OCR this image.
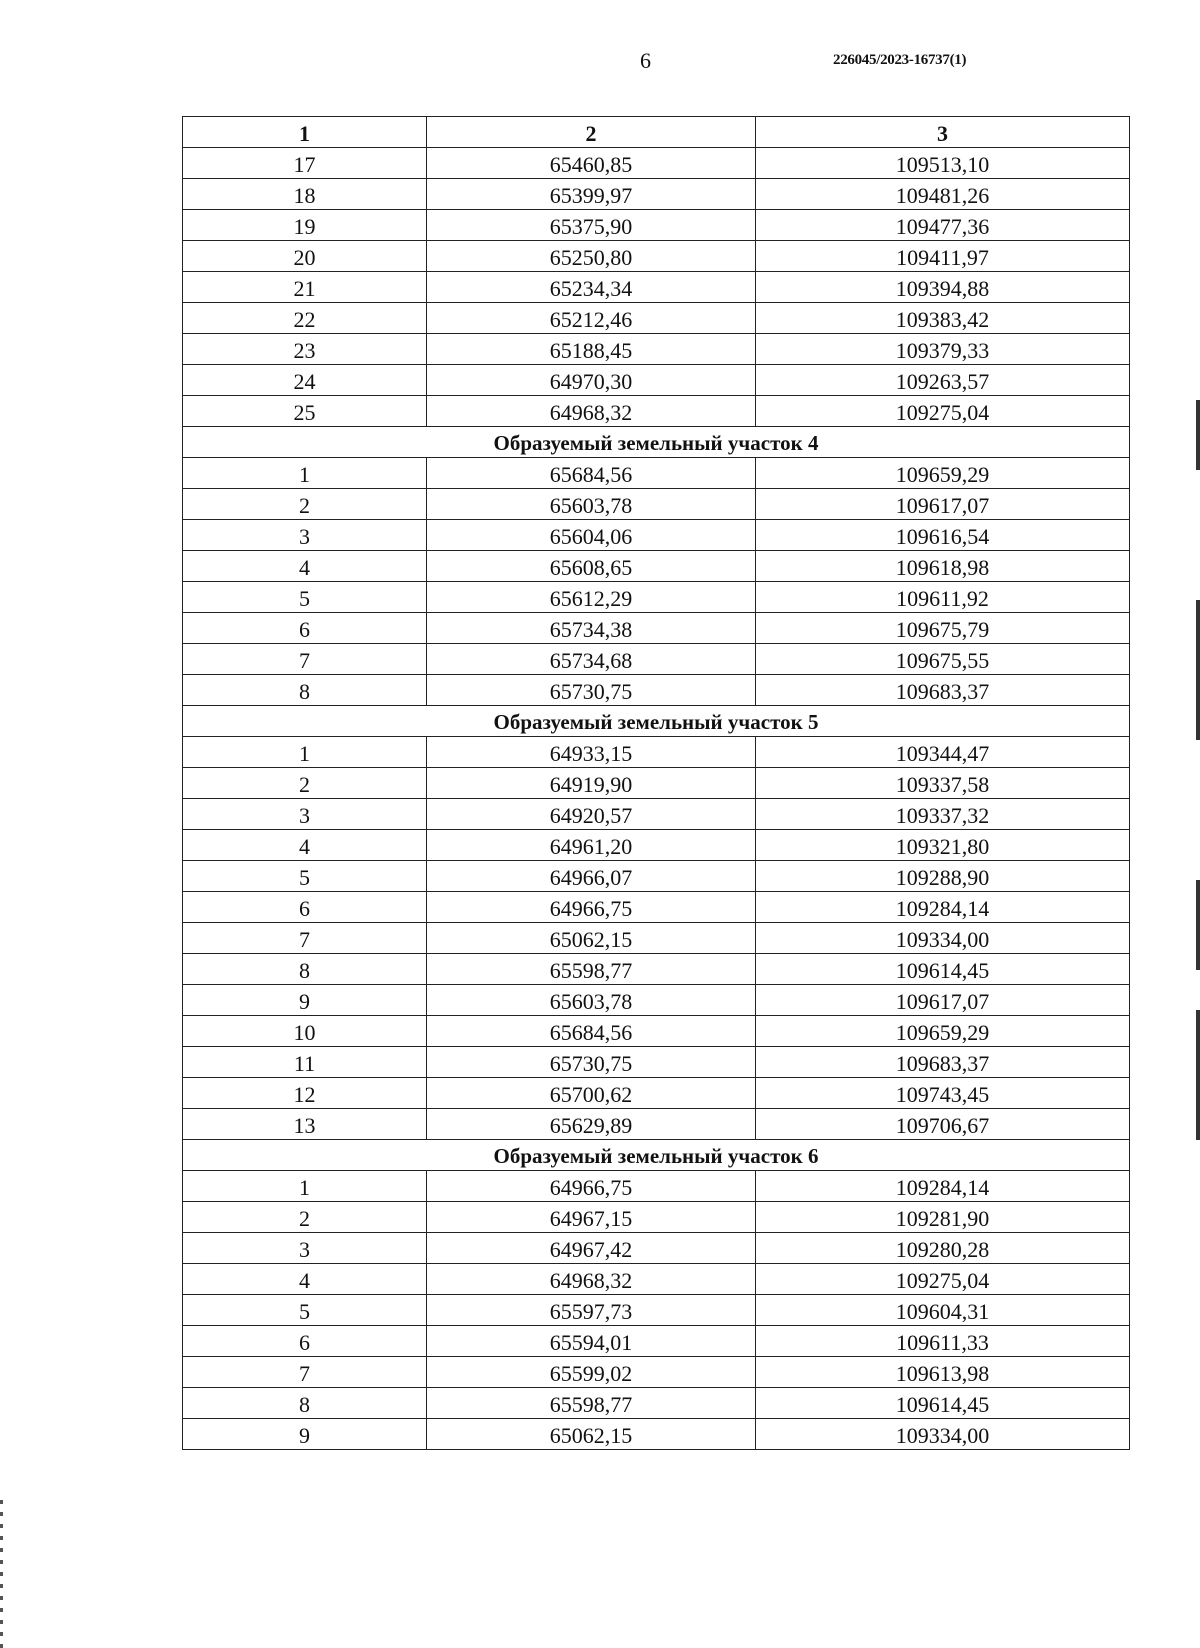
6	226045/2023-16737(1)
1	2	3
17	65460,85	109513,10
18	65399,97	109481,26
19	65375,90	109477,36
20	65250,80	109411,97
21	65234,34	109394,88
22	65212,46	109383,42
23	65188,45	109379,33
24	64970,30	109263,57
25	64968,32	109275,04
Образуемый земельный участок 4		
1	65684,56	109659,29
2	65603,78	109617,07
3	65604,06	109616,54
4	65608,65	109618,98
5	65612,29	109611,92
6	65734,38	109675,79
7	65734,68	109675,55
8	65730,75	109683,37
Образуемый земельный участок 5		
1	64933,15	109344,47
2	64919,90	109337,58
3	64920,57	109337,32
4	64961,20	109321,80
5	64966,07	109288,90
6	64966,75	109284,14
7	65062,15	109334,00
8	65598,77	109614,45
9	65603,78	109617,07
10	65684,56	109659,29
11	65730,75	109683,37
12	65700,62	109743,45
13	65629,89	109706,67
Образуемый земельный участок 6		
1	64966,75	109284,14
2	64967,15	109281,90
3	64967,42	109280,28
4	64968,32	109275,04
5	65597,73	109604,31
6	65594,01	109611,33
7	65599,02	109613,98
8	65598,77	109614,45
9	65062,15	109334,00
